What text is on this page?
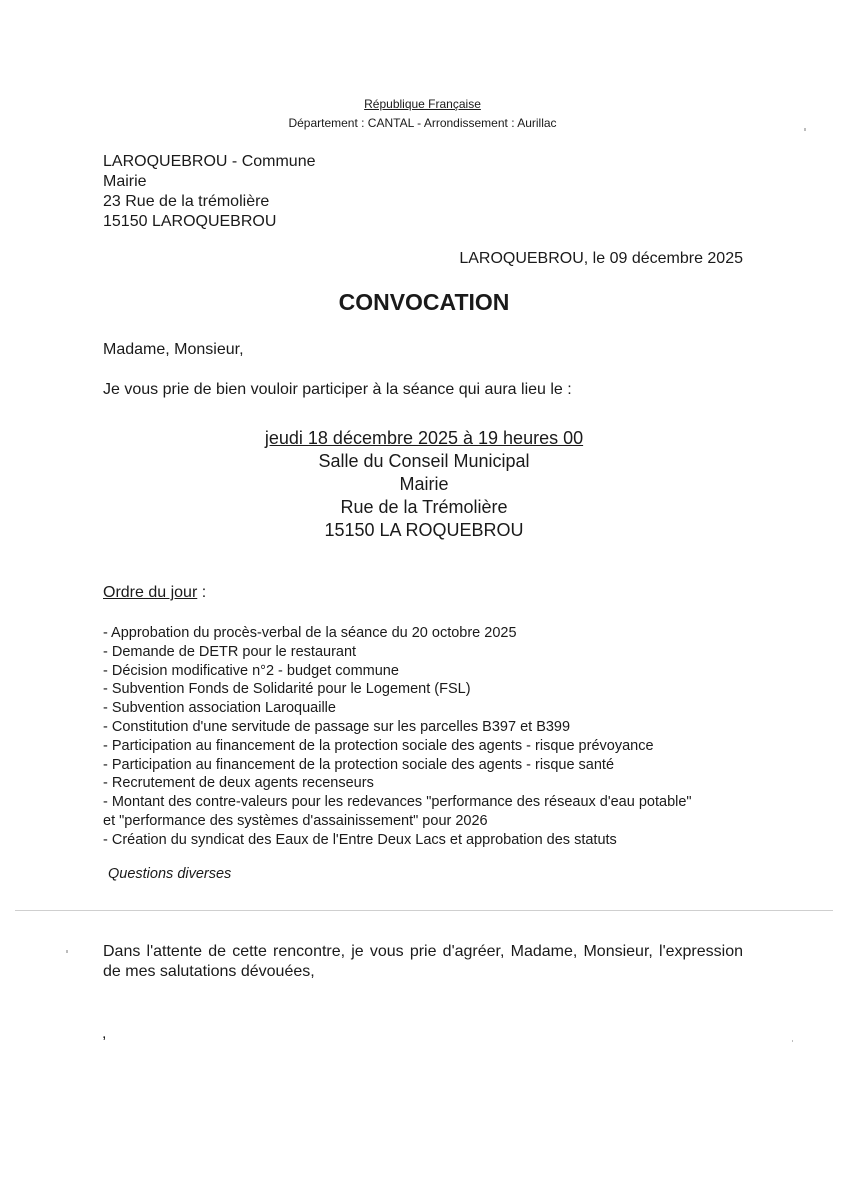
République Française
Département : CANTAL - Arrondissement : Aurillac
LAROQUEBROU - Commune
Mairie
23 Rue de la trémolière
15150 LAROQUEBROU
LAROQUEBROU, le 09 décembre 2025
CONVOCATION
Madame, Monsieur,
Je vous prie de bien vouloir participer à la séance qui aura lieu le :
jeudi 18 décembre 2025 à 19 heures 00
Salle du Conseil Municipal
Mairie
Rue de la Trémolière
15150 LA ROQUEBROU
Ordre du jour :
- Approbation du procès-verbal de la séance du 20 octobre 2025
- Demande de DETR pour le restaurant
- Décision modificative n°2 - budget commune
- Subvention Fonds de Solidarité pour le Logement (FSL)
- Subvention association Laroquaille
- Constitution d'une servitude de passage sur les parcelles B397 et B399
- Participation au financement de la protection sociale des agents - risque prévoyance
- Participation au financement de la protection sociale des agents - risque santé
- Recrutement de deux agents recenseurs
- Montant des contre-valeurs pour les redevances "performance des réseaux d'eau potable"
et "performance des systèmes d'assainissement" pour 2026
- Création du syndicat des Eaux de l'Entre Deux Lacs et approbation des statuts
Questions diverses
Dans l'attente de cette rencontre, je vous prie d'agréer, Madame, Monsieur, l'expression de mes salutations dévouées,
,
